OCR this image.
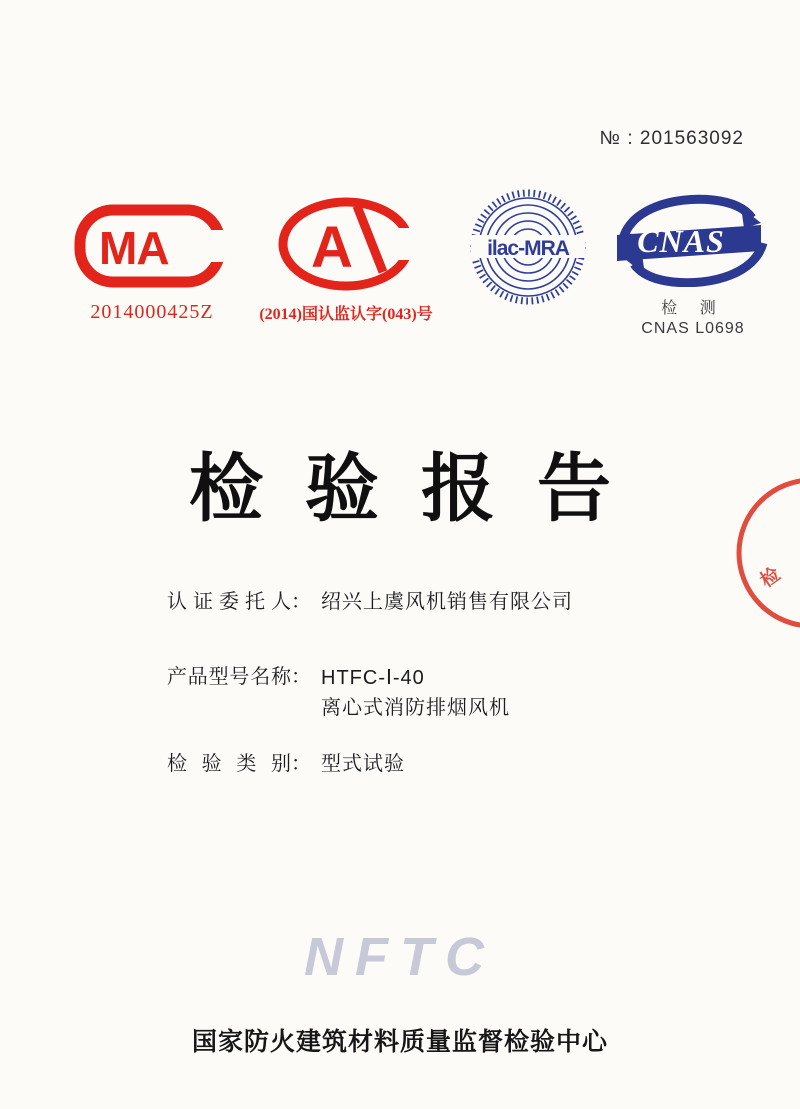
№ : 201563092
MA
2014000425Z
A
(2014)国认监认字(043)号
ilac-MRA CNAS
检 测
CNAS L0698
检验报告
检
认证委托人 ： 绍兴上虞风机销售有限公司
产品型号名称 ： HTFC-Ⅰ-40
离心式消防排烟风机
检验类别 ： 型式试验
NFTC
国家防火建筑材料质量监督检验中心
